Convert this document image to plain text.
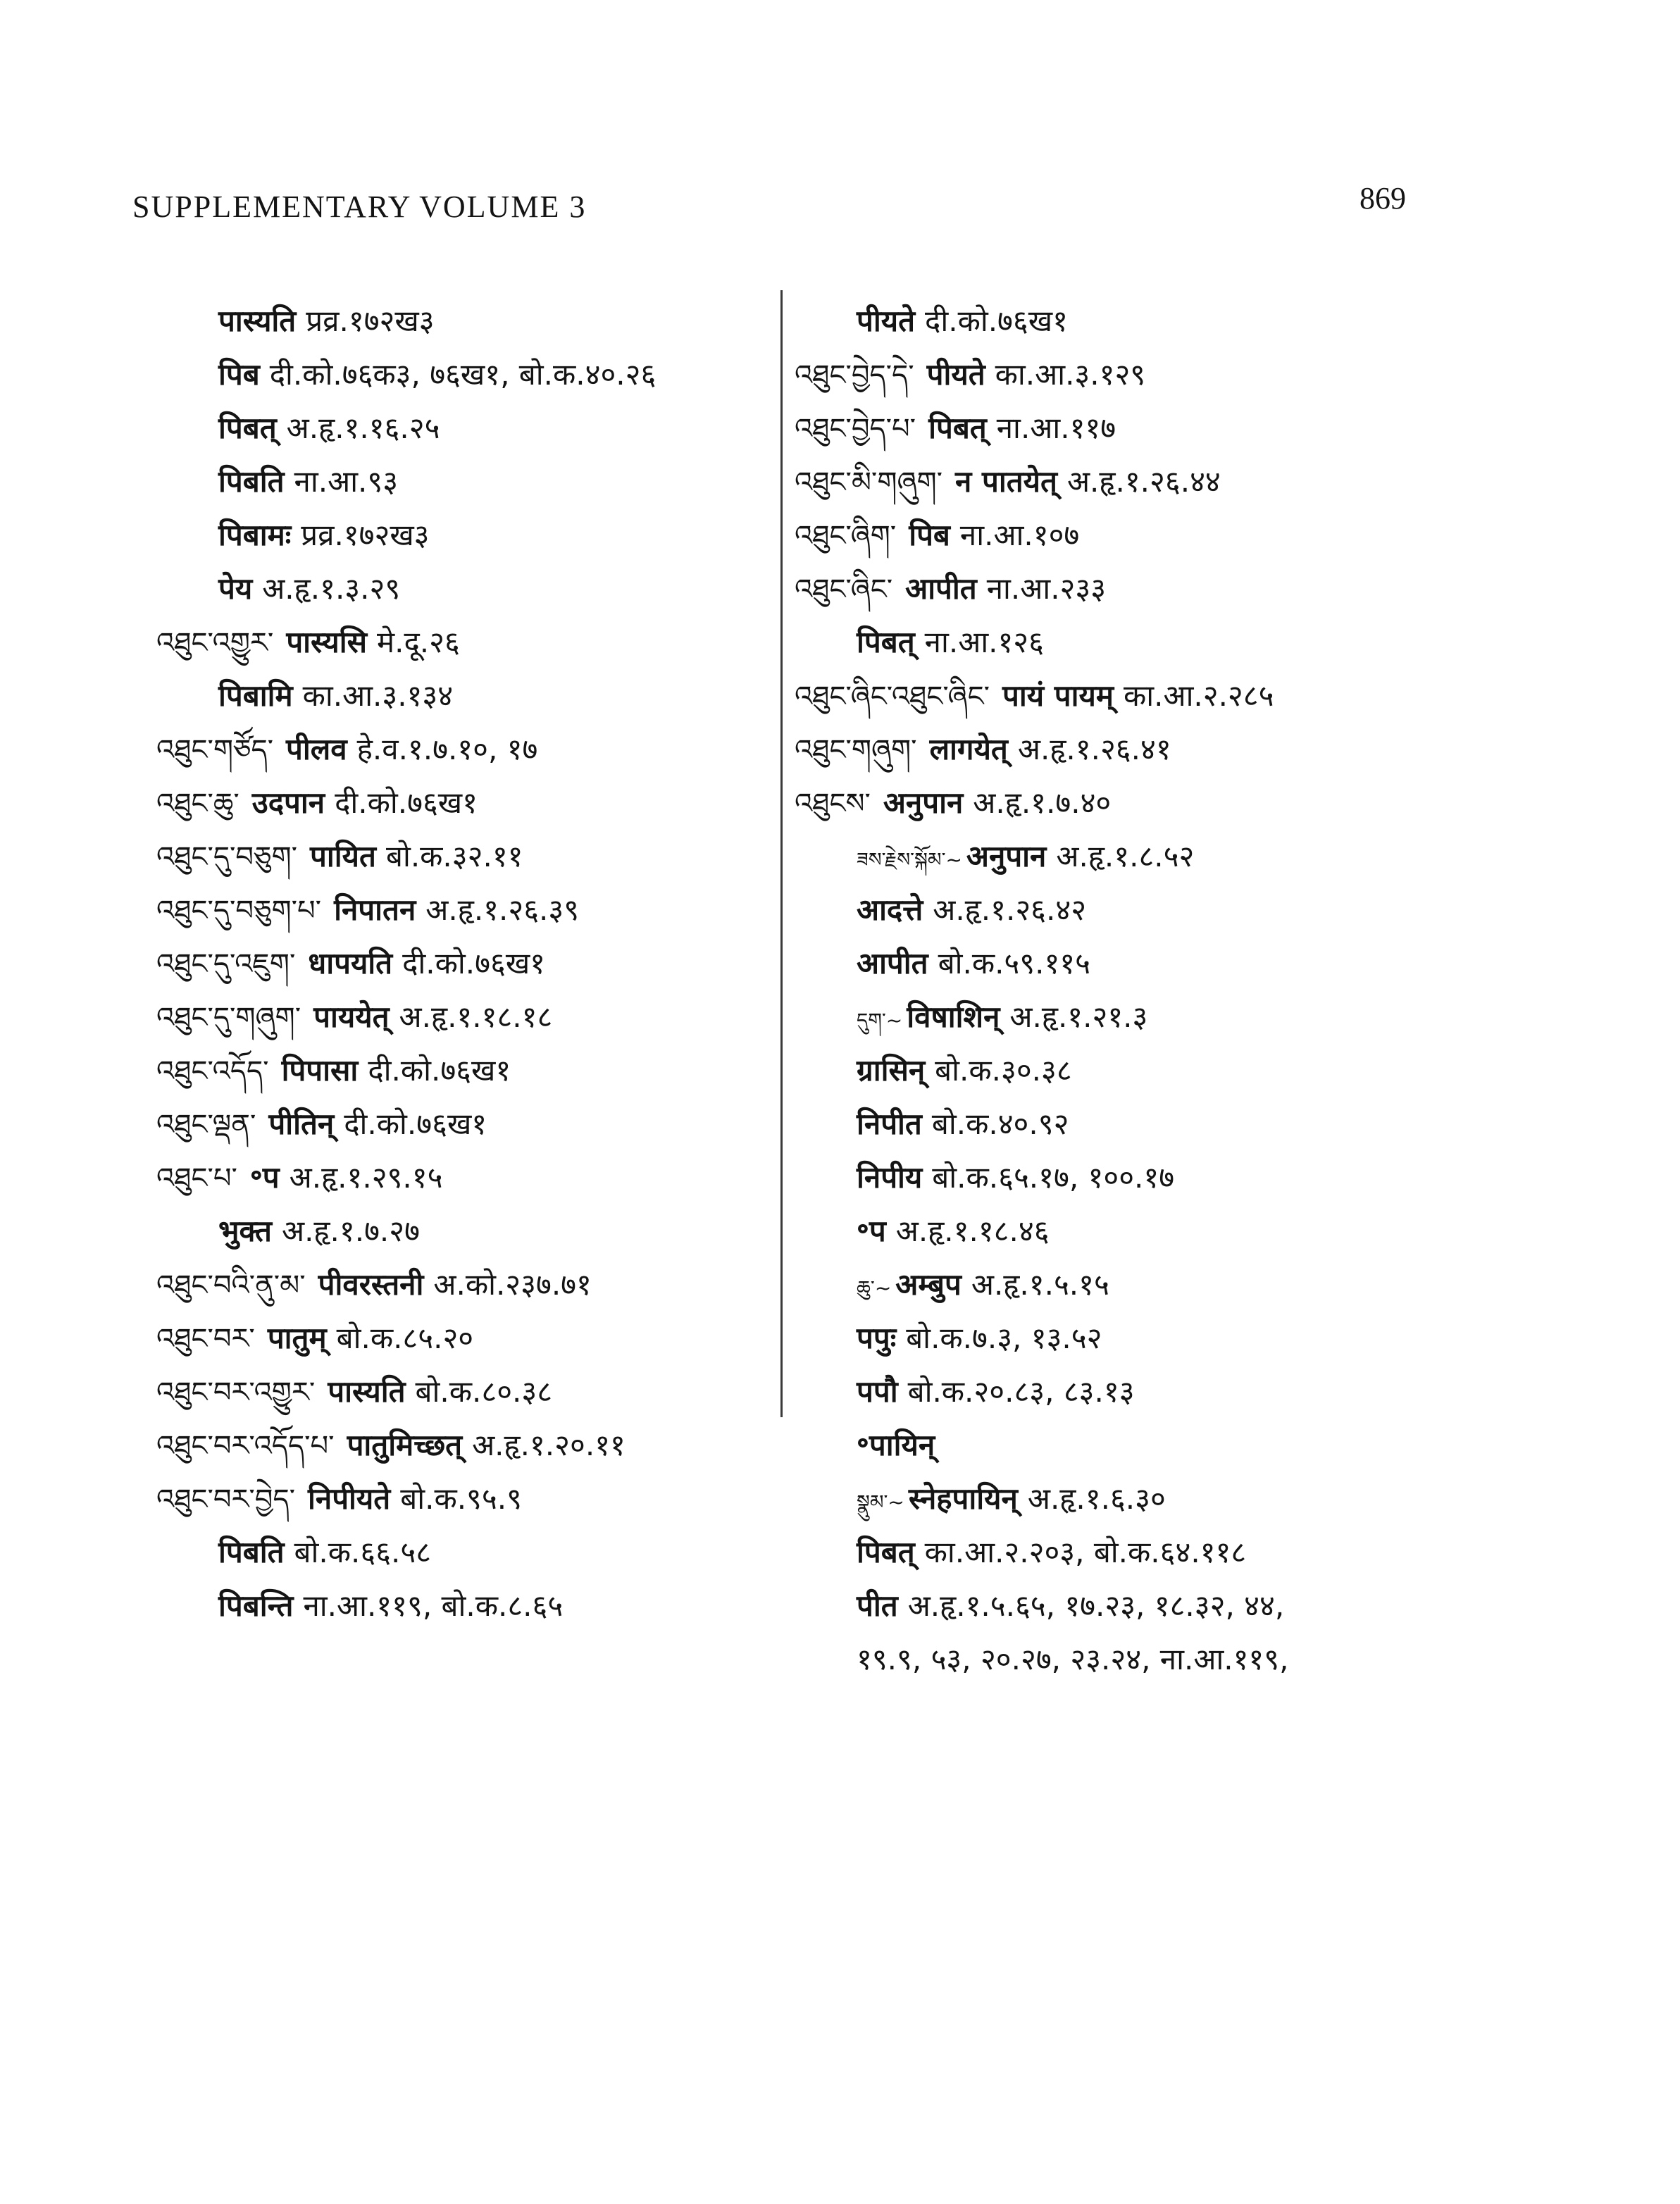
SUPPLEMENTARY VOLUME 3	869
पास्यति प्रव्र.१७२ख३
पिब दी.को.७६क३, ७६ख१, बो.क.४०.२६
पिबत् अ.हृ.१.१६.२५
पिबति ना.आ.९३
पिबामः प्रव्र.१७२ख३
पेय अ.हृ.१.३.२९
འཐུང་འགྱུར་ पास्यसि मे.दू.२६
पिबामि का.आ.३.१३४
འཐུང་གཙོད་ पीलव हे.व.१.७.१०, १७
འཐུང་ཆུ་ उदपान दी.को.७६ख१
འཐུང་དུ་བཅུག་ पायित बो.क.३२.११
འཐུང་དུ་བཅུག་པ་ निपातन अ.हृ.१.२६.३९
འཐུང་དུ་འཇུག་ धापयति दी.को.७६ख१
འཐུང་དུ་གཞུག་ पाययेत् अ.हृ.१.१८.१८
འཐུང་འདོད་ पिपासा दी.को.७६ख१
འཐུང་ལྡན་ पीतिन् दी.को.७६ख१
འཐུང་པ་ ॰प अ.हृ.१.२९.१५
भुक्त अ.हृ.१.७.२७
འཐུང་བའི་ནུ་མ་ पीवरस्तनी अ.को.२३७.७१
འཐུང་བར་ पातुम् बो.क.८५.२०
འཐུང་བར་འགྱུར་ पास्यति बो.क.८०.३८
འཐུང་བར་འདོད་པ་ पातुमिच्छत् अ.हृ.१.२०.११
འཐུང་བར་བྱེད་ निपीयते बो.क.९५.९
पिबति बो.क.६६.५८
पिबन्ति ना.आ.११९, बो.क.८.६५
पीयते दी.को.७६ख१
འཐུང་བྱེད་དེ་ पीयते का.आ.३.१२९
འཐུང་བྱེད་པ་ पिबत् ना.आ.११७
འཐུང་མི་གཞུག་ न पातयेत् अ.हृ.१.२६.४४
འཐུང་ཞིག་ पिब ना.आ.१०७
འཐུང་ཞིང་ आपीत ना.आ.२३३
पिबत् ना.आ.१२६
འཐུང་ཞིང་འཐུང་ཞིང་ पायं पायम् का.आ.२.२८५
འཐུང་གཞུག་ लागयेत् अ.हृ.१.२६.४१
འཐུངས་ अनुपान अ.हृ.१.७.४०
ཟས་རྗེས་སྐོམ་~ अनुपान अ.हृ.१.८.५२
आदत्ते अ.हृ.१.२६.४२
आपीत बो.क.५९.११५
དུག་~ विषाशिन् अ.हृ.१.२१.३
ग्रासिन् बो.क.३०.३८
निपीत बो.क.४०.९२
निपीय बो.क.६५.१७, १००.१७
॰प अ.हृ.१.१८.४६
ཆུ་~ अम्बुप अ.हृ.१.५.१५
पपुः बो.क.७.३, १३.५२
पपौ बो.क.२०.८३, ८३.१३
॰पायिन्
སྣུམ་~ स्नेहपायिन् अ.हृ.१.६.३०
पिबत् का.आ.२.२०३, बो.क.६४.११८
पीत अ.हृ.१.५.६५, १७.२३, १८.३२, ४४,
१९.९, ५३, २०.२७, २३.२४, ना.आ.११९,
